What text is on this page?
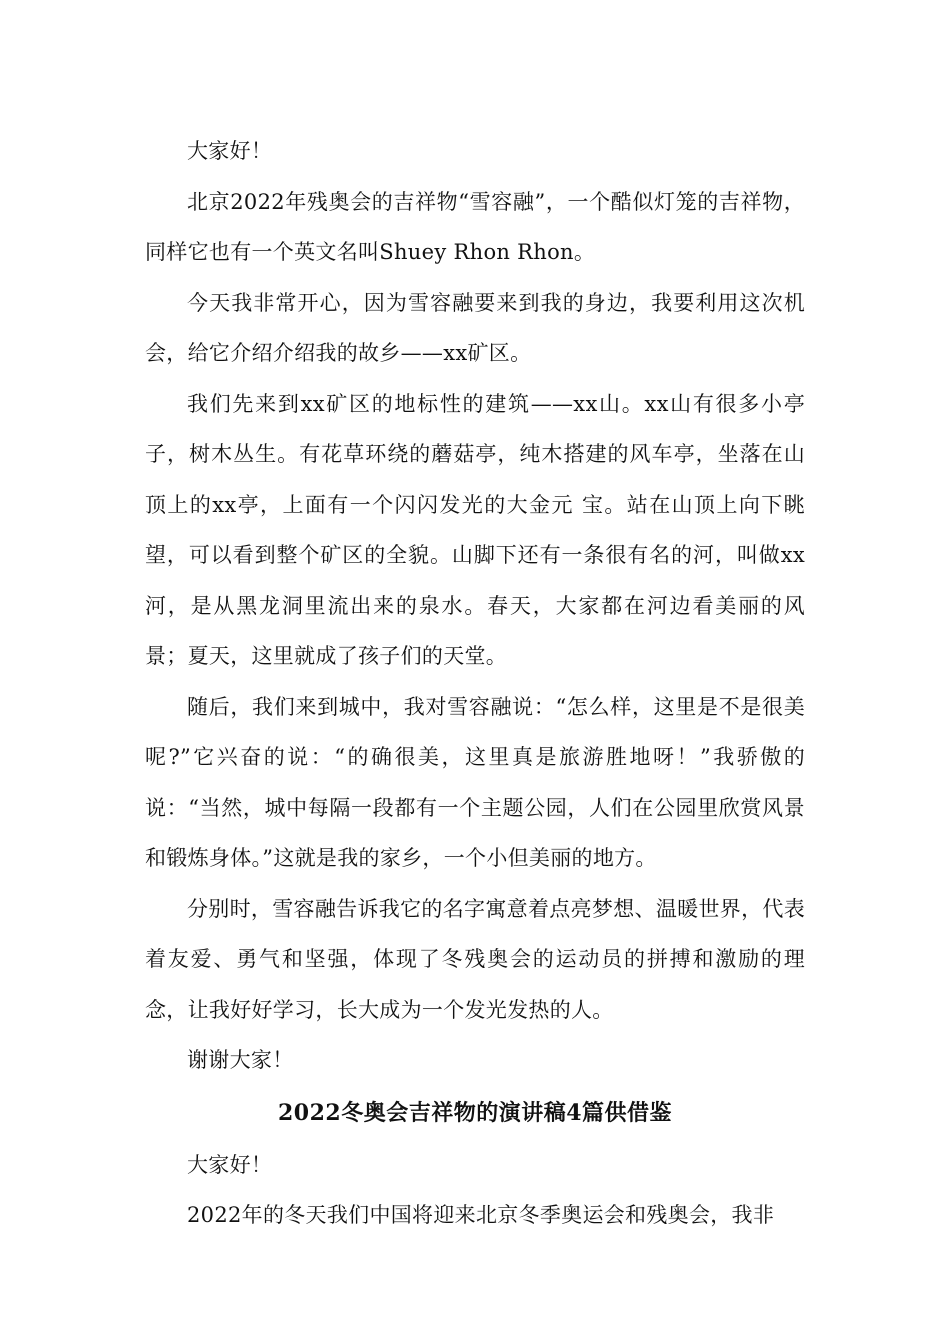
大家好！

北京2022年残奥会的吉祥物“雪容融”，一个酷似灯笼的吉祥物，同样它也有一个英文名叫Shuey Rhon Rhon。

今天我非常开心，因为雪容融要来到我的身边，我要利用这次机会，给它介绍介绍我的故乡——xx矿区。

我们先来到xx矿区的地标性的建筑——xx山。xx山有很多小亭子，树木丛生。有花草环绕的蘑菇亭，纯木搭建的风车亭，坐落在山顶上的xx亭，上面有一个闪闪发光的大金元 宝。站在山顶上向下眺望，可以看到整个矿区的全貌。山脚下还有一条很有名的河，叫做xx河，是从黑龙洞里流出来的泉水。春天，大家都在河边看美丽的风景；夏天，这里就成了孩子们的天堂。

随后，我们来到城中，我对雪容融说：“怎么样，这里是不是很美呢?”它兴奋的说：“的确很美，这里真是旅游胜地呀！”我骄傲的说：“当然，城中每隔一段都有一个主题公园，人们在公园里欣赏风景和锻炼身体。”这就是我的家乡，一个小但美丽的地方。

分别时，雪容融告诉我它的名字寓意着点亮梦想、温暖世界，代表着友爱、勇气和坚强，体现了冬残奥会的运动员的拼搏和激励的理念，让我好好学习，长大成为一个发光发热的人。

谢谢大家！

2022冬奥会吉祥物的演讲稿4篇供借鉴

大家好！

2022年的冬天我们中国将迎来北京冬季奥运会和残奥会，我非
